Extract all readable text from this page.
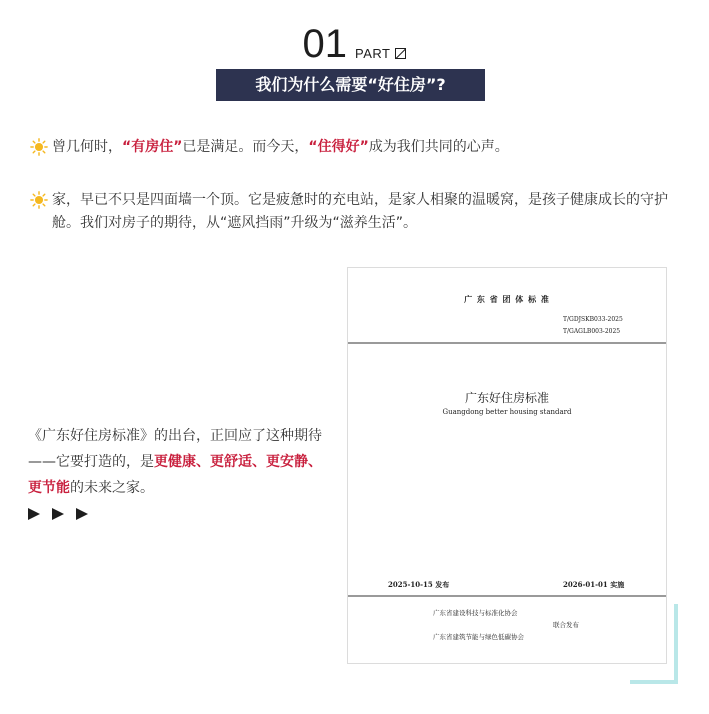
01 PART
我们为什么需要“好住房”?
曾几何时，“有房住”已是满足。而今天，“住得好”成为我们共同的心声。
家，早已不只是四面墙一个顶。它是疲惫时的充电站，是家人相聚的温暖窝，是孩子健康成长的守护舱。我们对房子的期待，从“遮风挡雨”升级为“滋养生活”。
《广东好住房标准》的出台，正回应了这种期待——它要打造的，是更健康、更舒适、更安静、更节能的未来之家。
广 东 省 团 体 标 准
T/GDJSKB033-2025
T/GAGLB003-2025
广东好住房标准
Guangdong better housing standard
2025-10-15 发布	2026-01-01 实施
广东省建设科技与标准化协会
联合发布
广东省建筑节能与绿色低碳协会
